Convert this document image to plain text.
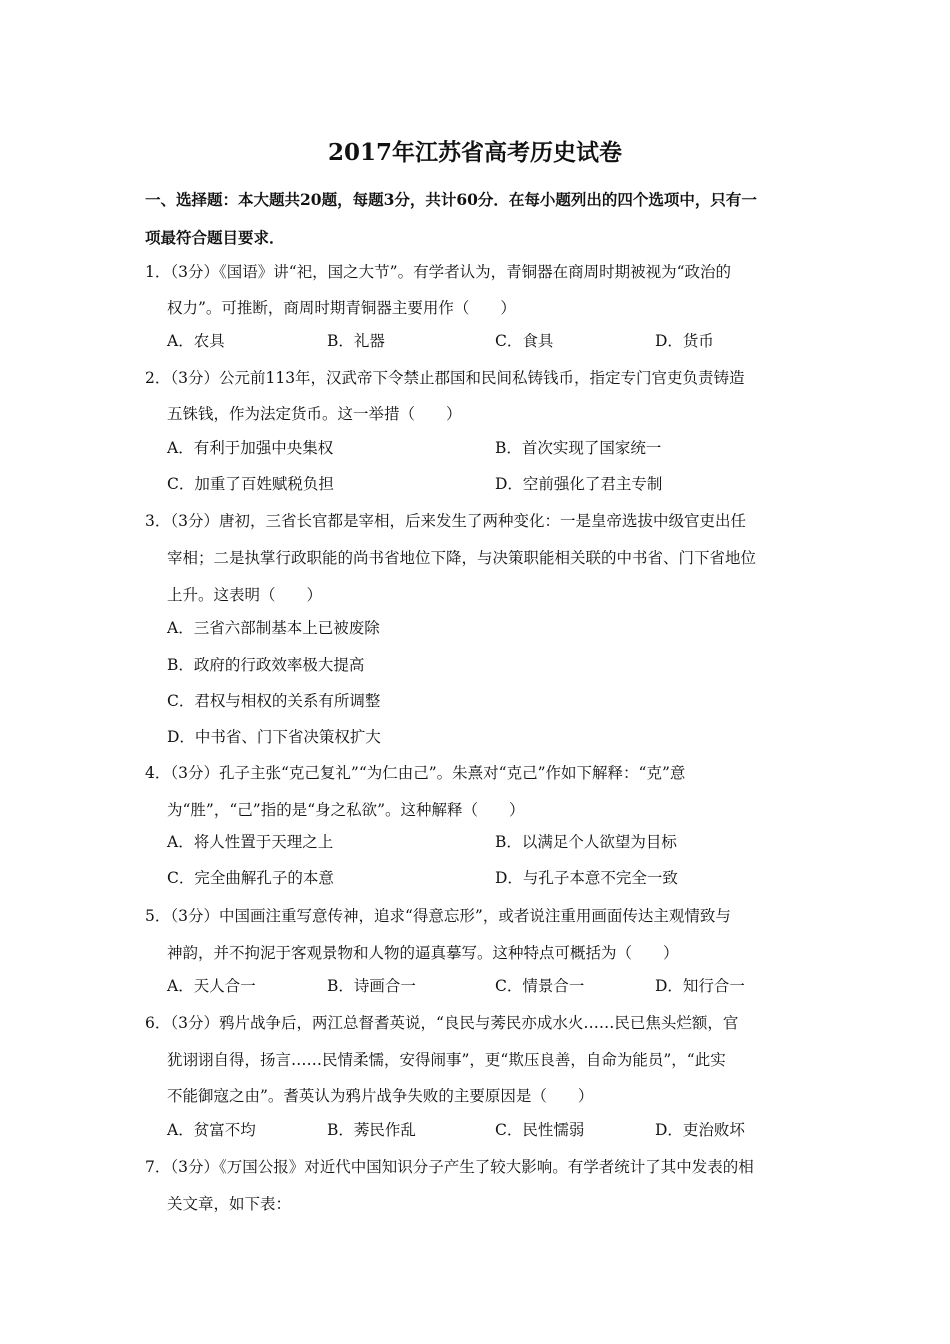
2017年江苏省高考历史试卷
一、选择题：本大题共20题，每题3分，共计60分．在每小题列出的四个选项中，只有一
项最符合题目要求．
1．（3分）《国语》讲“祀，国之大节”。有学者认为，青铜器在商周时期被视为“政治的
权力”。可推断，商周时期青铜器主要用作（　　）
A．农具	B．礼器	C．食具	D．货币
2．（3分）公元前113年，汉武帝下令禁止郡国和民间私铸钱币，指定专门官吏负责铸造
五铢钱，作为法定货币。这一举措（　　）
A．有利于加强中央集权	B．首次实现了国家统一
C．加重了百姓赋税负担	D．空前强化了君主专制
3．（3分）唐初，三省长官都是宰相，后来发生了两种变化：一是皇帝选拔中级官吏出任
宰相；二是执掌行政职能的尚书省地位下降，与决策职能相关联的中书省、门下省地位
上升。这表明（　　）
A．三省六部制基本上已被废除
B．政府的行政效率极大提高
C．君权与相权的关系有所调整
D．中书省、门下省决策权扩大
4．（3分）孔子主张“克己复礼”“为仁由己”。朱熹对“克己”作如下解释：“克”意
为“胜”，“己”指的是“身之私欲”。这种解释（　　）
A．将人性置于天理之上	B．以满足个人欲望为目标
C．完全曲解孔子的本意	D．与孔子本意不完全一致
5．（3分）中国画注重写意传神，追求“得意忘形”，或者说注重用画面传达主观情致与
神韵，并不拘泥于客观景物和人物的逼真摹写。这种特点可概括为（　　）
A．天人合一	B．诗画合一	C．情景合一	D．知行合一
6．（3分）鸦片战争后，两江总督耆英说，“良民与莠民亦成水火……民已焦头烂额，官
犹诩诩自得，扬言……民情柔懦，安得闹事”，更“欺压良善，自命为能员”，“此实
不能御寇之由”。耆英认为鸦片战争失败的主要原因是（　　）
A．贫富不均	B．莠民作乱	C．民性懦弱	D．吏治败坏
7．（3分）《万国公报》对近代中国知识分子产生了较大影响。有学者统计了其中发表的相
关文章，如下表：
